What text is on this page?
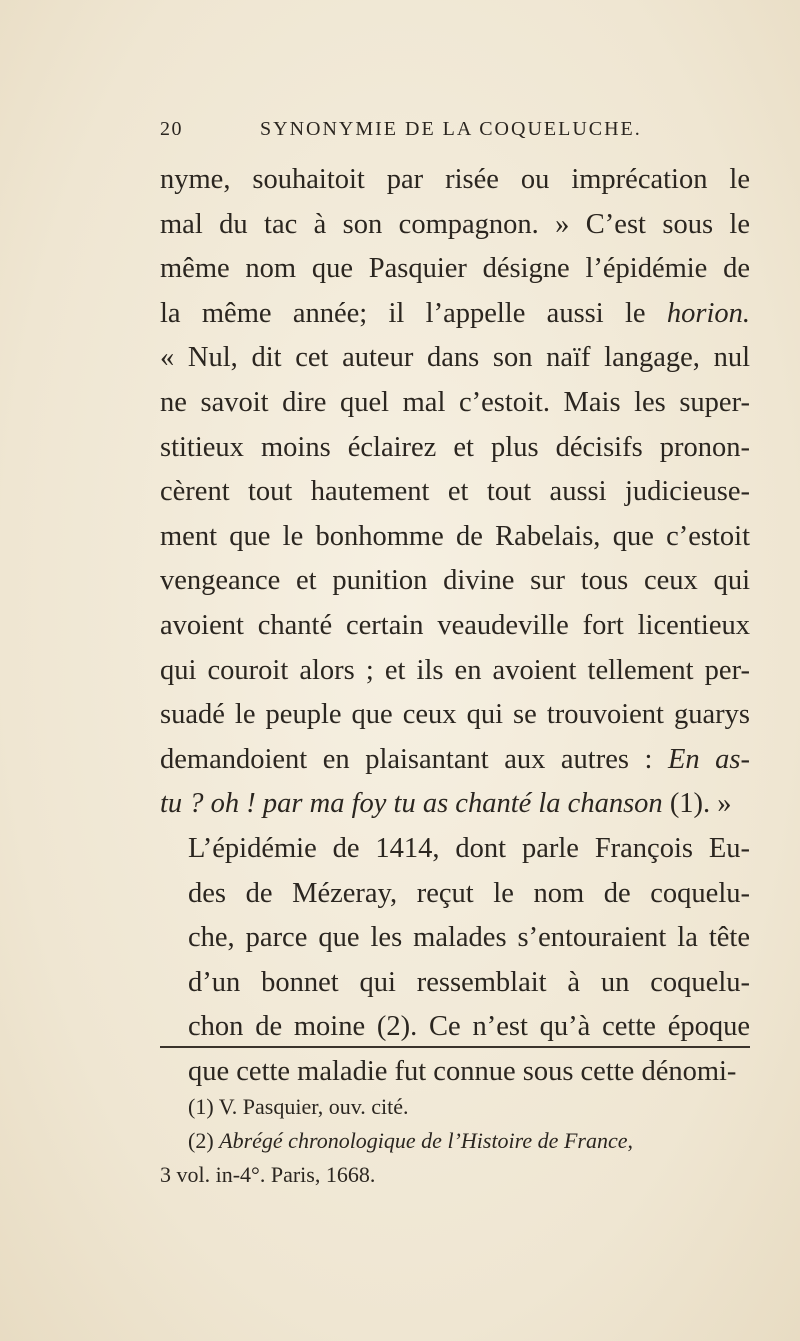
20	SYNONYMIE DE LA COQUELUCHE.
nyme, souhaitoit par risée ou imprécation le
mal du tac à son compagnon. » C’est sous le
même nom que Pasquier désigne l’épidémie de
la même année; il l’appelle aussi le horion.
« Nul, dit cet auteur dans son naïf langage, nul
ne savoit dire quel mal c’estoit. Mais les super-
stitieux moins éclairez et plus décisifs pronon-
cèrent tout hautement et tout aussi judicieuse-
ment que le bonhomme de Rabelais, que c’estoit
vengeance et punition divine sur tous ceux qui
avoient chanté certain veaudeville fort licentieux
qui couroit alors ; et ils en avoient tellement per-
suadé le peuple que ceux qui se trouvoient guarys
demandoient en plaisantant aux autres : En as-
tu ? oh ! par ma foy tu as chanté la chanson (1). »
L’épidémie de 1414, dont parle François Eu-
des de Mézeray, reçut le nom de coquelu-
che, parce que les malades s’entouraient la tête
d’un bonnet qui ressemblait à un coquelu-
chon de moine (2). Ce n’est qu’à cette époque
que cette maladie fut connue sous cette dénomi-
(1) V. Pasquier, ouv. cité.
(2) Abrégé chronologique de l’Histoire de France,
3 vol. in-4°. Paris, 1668.
